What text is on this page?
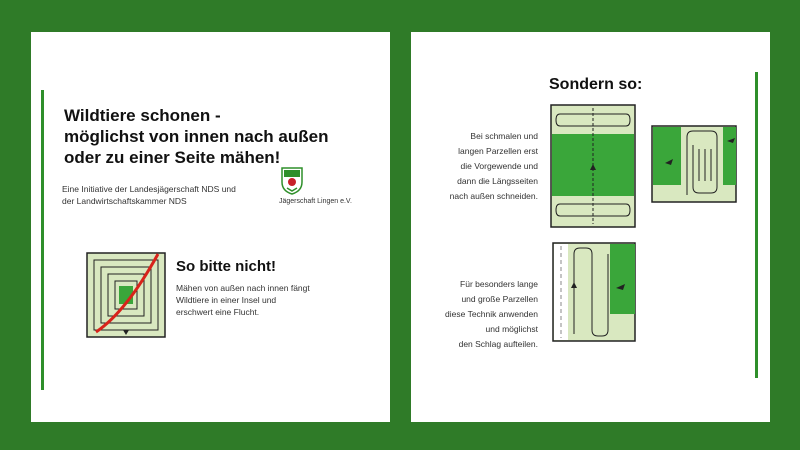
Wildtiere schonen -
möglichst von innen nach außen
oder zu einer Seite mähen!
Eine Initiative der Landesjägerschaft NDS und
der Landwirtschaftskammer NDS	Jägerschaft Lingen e.V.
So bitte nicht!
Mähen von außen nach innen fängt
Wildtiere in einer Insel und
erschwert eine Flucht.
Sondern so:
Bei schmalen und
langen Parzellen erst
die Vorgewende und
dann die Längsseiten
nach außen schneiden.
Für besonders lange
und große Parzellen
diese Technik anwenden
und möglichst
den Schlag aufteilen.
